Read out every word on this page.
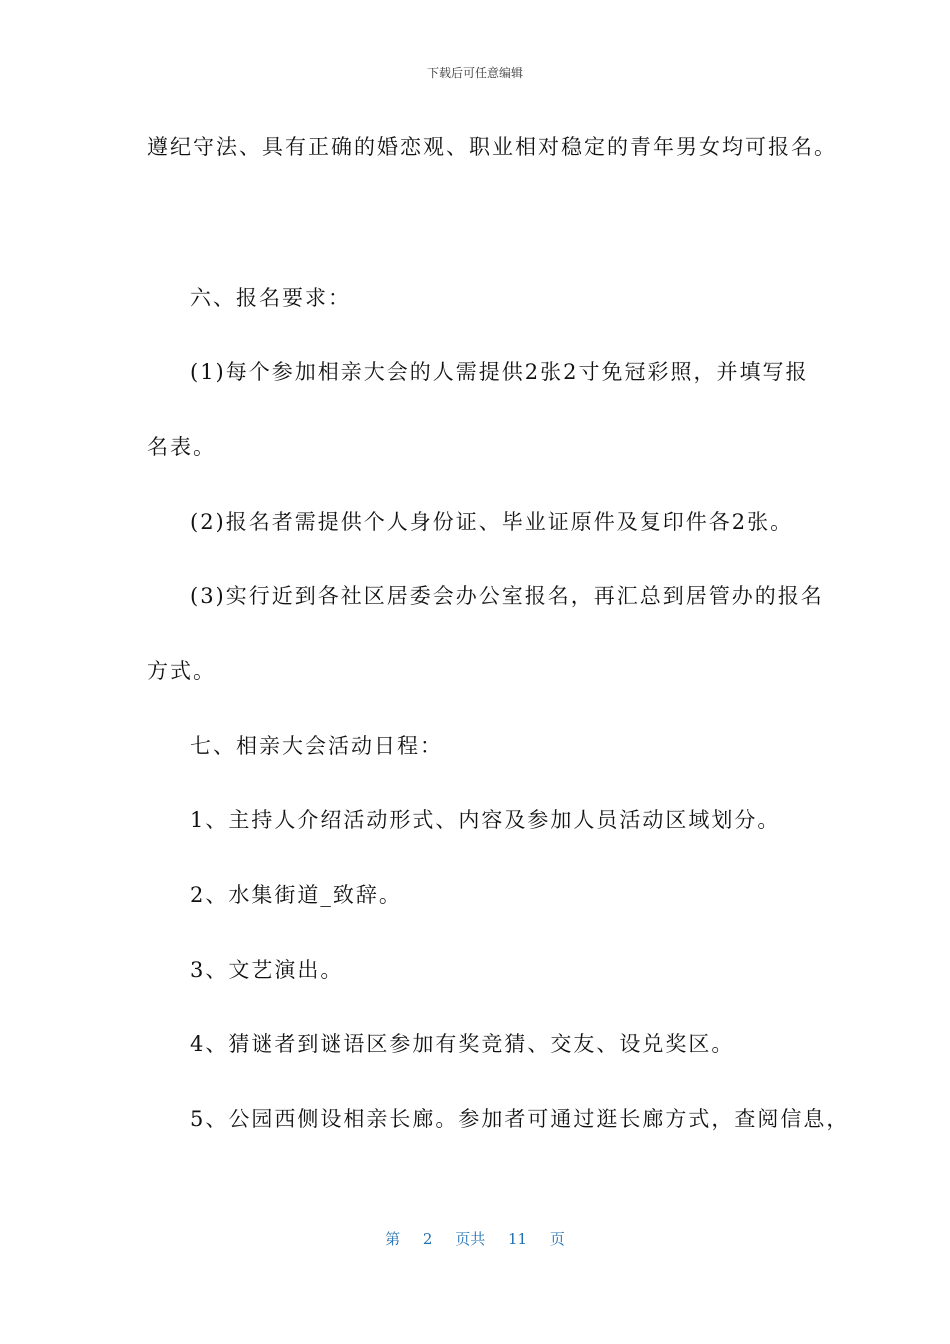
下载后可任意编辑
遵纪守法、具有正确的婚恋观、职业相对稳定的青年男女均可报名。
六、报名要求：
(1)每个参加相亲大会的人需提供2张2寸免冠彩照，并填写报
名表。
(2)报名者需提供个人身份证、毕业证原件及复印件各2张。
(3)实行近到各社区居委会办公室报名，再汇总到居管办的报名
方式。
七、相亲大会活动日程：
1、主持人介绍活动形式、内容及参加人员活动区域划分。
2、水集街道_致辞。
3、文艺演出。
4、猜谜者到谜语区参加有奖竞猜、交友、设兑奖区。
5、公园西侧设相亲长廊。参加者可通过逛长廊方式，查阅信息，
第 2 页共 11 页
